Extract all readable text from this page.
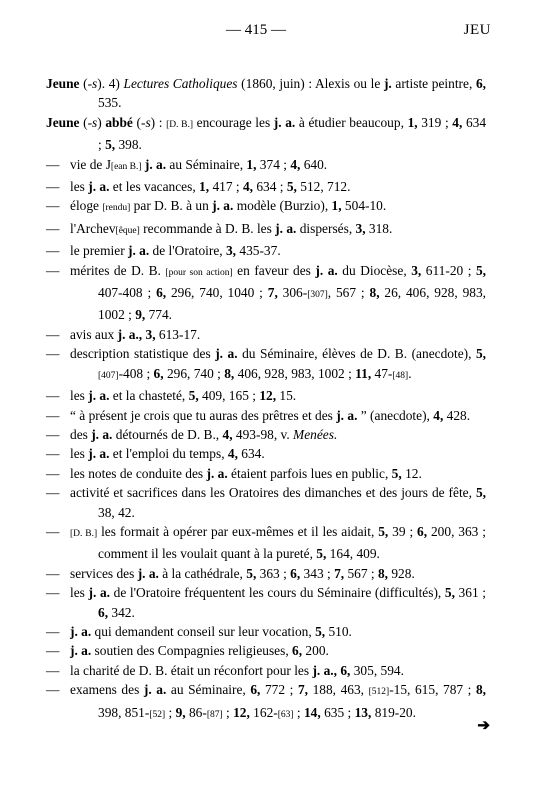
— 415 —	JEU
Jeune (-s). 4) Lectures Catholiques (1860, juin) : Alexis ou le j. artiste peintre, 6, 535.
Jeune (-s) abbé (-s) : [D. B.] encourage les j. a. à étudier beaucoup, 1, 319 ; 4, 634 ; 5, 398.
— vie de J[ean B.] j. a. au Séminaire, 1, 374 ; 4, 640.
— les j. a. et les vacances, 1, 417 ; 4, 634 ; 5, 512, 712.
— éloge [rendu] par D. B. à un j. a. modèle (Burzio), 1, 504-10.
— l'Archev[êque] recommande à D. B. les j. a. dispersés, 3, 318.
— le premier j. a. de l'Oratoire, 3, 435-37.
— mérites de D. B. [pour son action] en faveur des j. a. du Diocèse, 3, 611-20 ; 5, 407-408 ; 6, 296, 740, 1040 ; 7, 306-[307], 567 ; 8, 26, 406, 928, 983, 1002 ; 9, 774.
— avis aux j. a., 3, 613-17.
— description statistique des j. a. du Séminaire, élèves de D. B. (anecdote), 5, [407]-408 ; 6, 296, 740 ; 8, 406, 928, 983, 1002 ; 11, 47-[48].
— les j. a. et la chasteté, 5, 409, 165 ; 12, 15.
— “ à présent je crois que tu auras des prêtres et des j. a. ” (anecdote), 4, 428.
— des j. a. détournés de D. B., 4, 493-98, v. Menées.
— les j. a. et l'emploi du temps, 4, 634.
— les notes de conduite des j. a. étaient parfois lues en public, 5, 12.
— activité et sacrifices dans les Oratoires des dimanches et des jours de fête, 5, 38, 42.
— [D. B.] les formait à opérer par eux-mêmes et il les aidait, 5, 39 ; 6, 200, 363 ; comment il les voulait quant à la pureté, 5, 164, 409.
— services des j. a. à la cathédrale, 5, 363 ; 6, 343 ; 7, 567 ; 8, 928.
— les j. a. de l'Oratoire fréquentent les cours du Séminaire (difficultés), 5, 361 ; 6, 342.
— j. a. qui demandent conseil sur leur vocation, 5, 510.
— j. a. soutien des Compagnies religieuses, 6, 200.
— la charité de D. B. était un réconfort pour les j. a., 6, 305, 594.
— examens des j. a. au Séminaire, 6, 772 ; 7, 188, 463, [512]-15, 615, 787 ; 8, 398, 851-[52] ; 9, 86-[87] ; 12, 162-[63] ; 14, 635 ; 13, 819-20.
➔
